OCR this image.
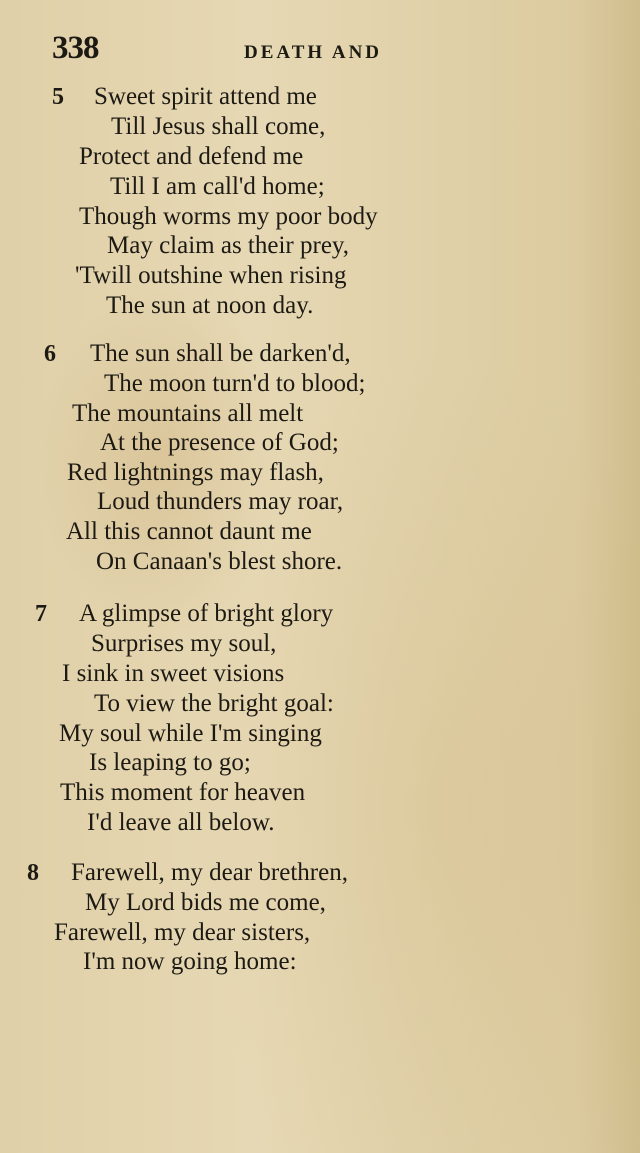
338	DEATH AND
5 Sweet spirit attend me
Till Jesus shall come,
Protect and defend me
Till I am call'd home;
Though worms my poor body
May claim as their prey,
'Twill outshine when rising
The sun at noon day.
6 The sun shall be darken'd,
The moon turn'd to blood;
The mountains all melt
At the presence of God;
Red lightnings may flash,
Loud thunders may roar,
All this cannot daunt me
On Canaan's blest shore.
7 A glimpse of bright glory
Surprises my soul,
I sink in sweet visions
To view the bright goal:
My soul while I'm singing
Is leaping to go;
This moment for heaven
I'd leave all below.
8 Farewell, my dear brethren,
My Lord bids me come,
Farewell, my dear sisters,
I'm now going home:
